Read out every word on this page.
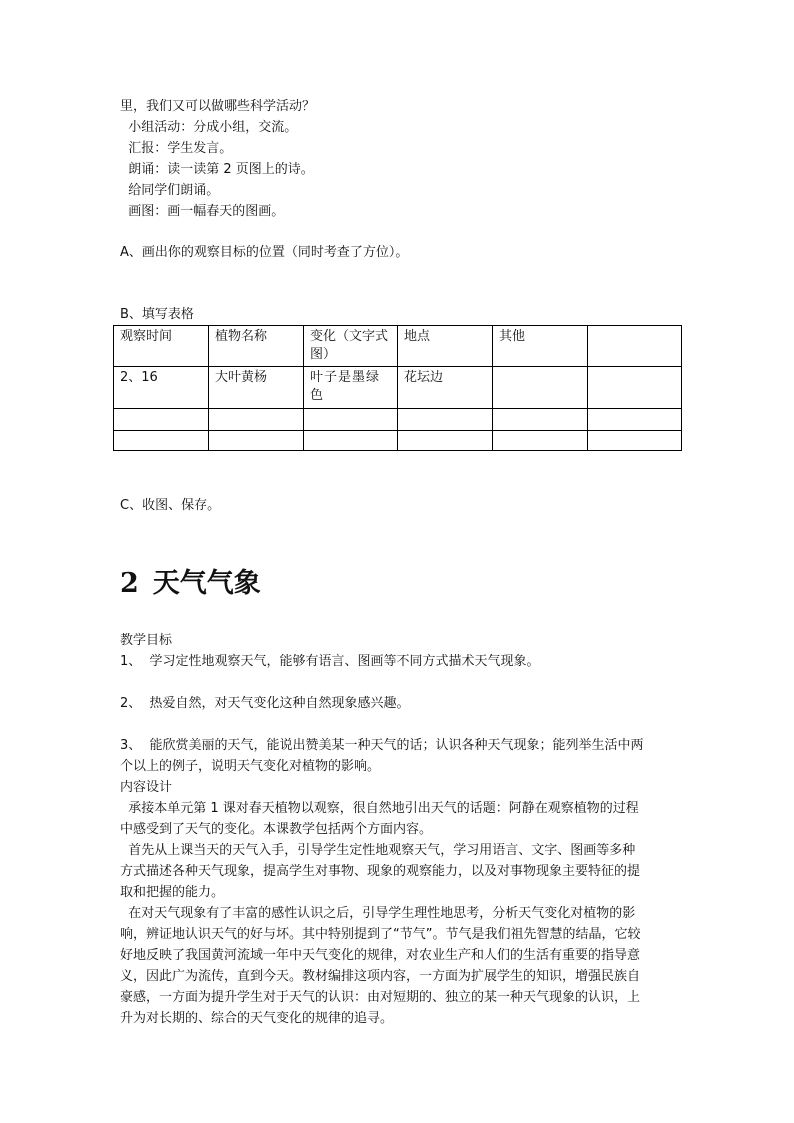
里，我们又可以做哪些科学活动？
小组活动：分成小组，交流。
汇报：学生发言。
朗诵：读一读第 2 页图上的诗。
给同学们朗诵。
画图：画一幅春天的图画。
A、画出你的观察目标的位置（同时考查了方位）。
B、填写表格
观察时间	植物名称	变化（文字式图）	地点	其他	
2、16	大叶黄杨	叶子是墨绿色	花坛边		

C、收图、保存。
2 天气气象
教学目标
1、  学习定性地观察天气，能够有语言、图画等不同方式描术天气现象。
2、  热爱自然，对天气变化这种自然现象感兴趣。
3、  能欣赏美丽的天气，能说出赞美某一种天气的话；认识各种天气现象；能列举生活中两
个以上的例子，说明天气变化对植物的影响。
内容设计
承接本单元第 1 课对春天植物以观察，很自然地引出天气的话题：阿静在观察植物的过程
中感受到了天气的变化。本课教学包括两个方面内容。
首先从上课当天的天气入手，引导学生定性地观察天气，学习用语言、文字、图画等多种
方式描述各种天气现象，提高学生对事物、现象的观察能力，以及对事物现象主要特征的提
取和把握的能力。
在对天气现象有了丰富的感性认识之后，引导学生理性地思考，分析天气变化对植物的影
响，辨证地认识天气的好与坏。其中特别提到了“节气”。节气是我们祖先智慧的结晶，它较
好地反映了我国黄河流域一年中天气变化的规律，对农业生产和人们的生活有重要的指导意
义，因此广为流传，直到今天。教材编排这项内容，一方面为扩展学生的知识，增强民族自
豪感，一方面为提升学生对于天气的认识：由对短期的、独立的某一种天气现象的认识，上
升为对长期的、综合的天气变化的规律的追寻。
